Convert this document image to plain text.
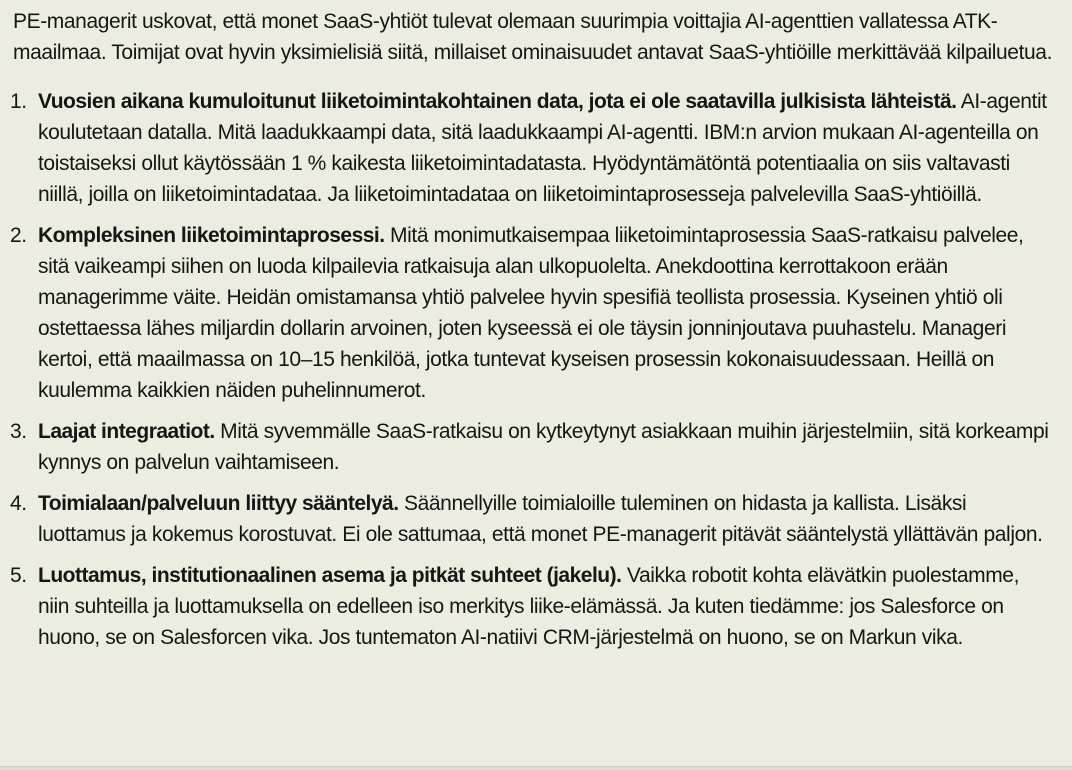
PE-managerit uskovat, että monet SaaS-yhtiöt tulevat olemaan suurimpia voittajia AI-agenttien vallatessa ATK-maailmaa. Toimijat ovat hyvin yksimielisiä siitä, millaiset ominaisuudet antavat SaaS-yhtiöille merkittävää kilpailuetua.

1. Vuosien aikana kumuloitunut liiketoimintakohtainen data, jota ei ole saatavilla julkisista lähteistä. AI-agentit koulutetaan datalla. Mitä laadukkaampi data, sitä laadukkaampi AI-agentti. IBM:n arvion mukaan AI-agenteilla on toistaiseksi ollut käytössään 1 % kaikesta liiketoimintadatasta. Hyödyntämätöntä potentiaalia on siis valtavasti niillä, joilla on liiketoimintadataa. Ja liiketoimintadataa on liiketoimintaprosesseja palvelevilla SaaS-yhtiöillä.
2. Kompleksinen liiketoimintaprosessi. Mitä monimutkaisempaa liiketoimintaprosessia SaaS-ratkaisu palvelee, sitä vaikeampi siihen on luoda kilpailevia ratkaisuja alan ulkopuolelta. Anekdoottina kerrottakoon erään managerimme väite. Heidän omistamansa yhtiö palvelee hyvin spesifiä teollista prosessia. Kyseinen yhtiö oli ostettaessa lähes miljardin dollarin arvoinen, joten kyseessä ei ole täysin jonninjoutava puuhastelu. Manageri kertoi, että maailmassa on 10–15 henkilöä, jotka tuntevat kyseisen prosessin kokonaisuudessaan. Heillä on kuulemma kaikkien näiden puhelinnumerot.
3. Laajat integraatiot. Mitä syvemmälle SaaS-ratkaisu on kytkeytynyt asiakkaan muihin järjestelmiin, sitä korkeampi kynnys on palvelun vaihtamiseen.
4. Toimialaan/palveluun liittyy sääntelyä. Säännellyille toimialoille tuleminen on hidasta ja kallista. Lisäksi luottamus ja kokemus korostuvat. Ei ole sattumaa, että monet PE-managerit pitävät sääntelystä yllättävän paljon.
5. Luottamus, institutionaalinen asema ja pitkät suhteet (jakelu). Vaikka robotit kohta elävätkin puolestamme, niin suhteilla ja luottamuksella on edelleen iso merkitys liike-elämässä. Ja kuten tiedämme: jos Salesforce on huono, se on Salesforcen vika. Jos tuntematon AI-natiivi CRM-järjestelmä on huono, se on Markun vika.
